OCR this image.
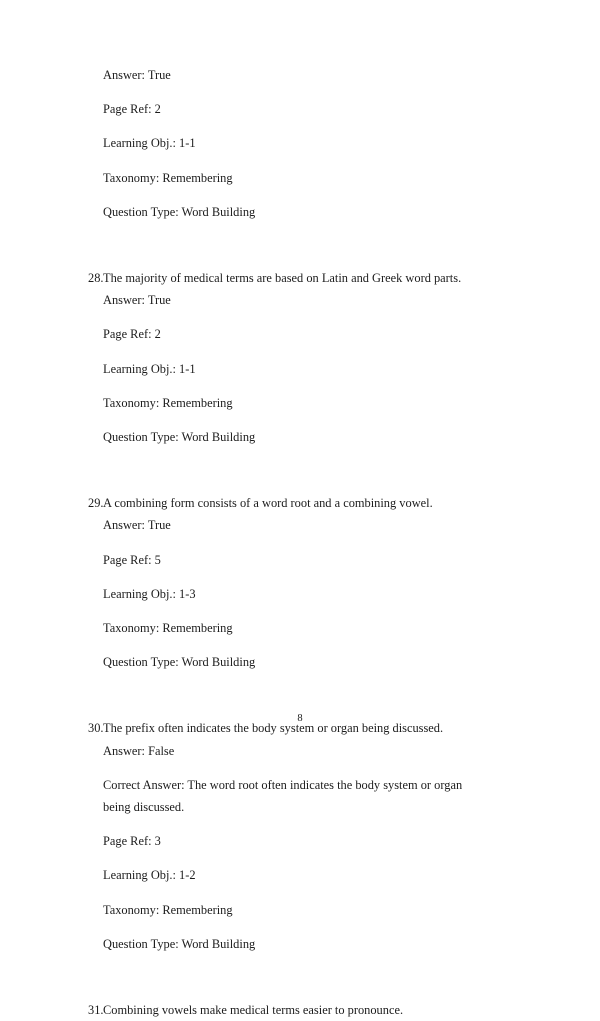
Answer: True
Page Ref: 2
Learning Obj.: 1-1
Taxonomy: Remembering
Question Type: Word Building
28. The majority of medical terms are based on Latin and Greek word parts.
Answer: True
Page Ref: 2
Learning Obj.: 1-1
Taxonomy: Remembering
Question Type: Word Building
29. A combining form consists of a word root and a combining vowel.
Answer: True
Page Ref: 5
Learning Obj.: 1-3
Taxonomy: Remembering
Question Type: Word Building
30. The prefix often indicates the body system or organ being discussed.
Answer: False
Correct Answer: The word root often indicates the body system or organ being discussed.
Page Ref: 3
Learning Obj.: 1-2
Taxonomy: Remembering
Question Type: Word Building
31. Combining vowels make medical terms easier to pronounce.
8
